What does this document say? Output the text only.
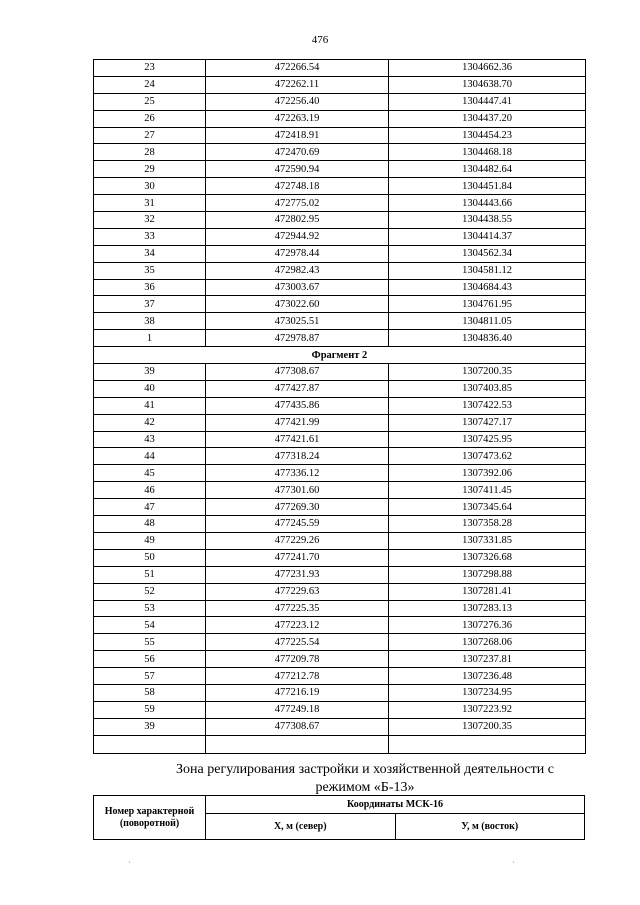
476
23	472266.54	1304662.36
24	472262.11	1304638.70
25	472256.40	1304447.41
26	472263.19	1304437.20
27	472418.91	1304454.23
28	472470.69	1304468.18
29	472590.94	1304482.64
30	472748.18	1304451.84
31	472775.02	1304443.66
32	472802.95	1304438.55
33	472944.92	1304414.37
34	472978.44	1304562.34
35	472982.43	1304581.12
36	473003.67	1304684.43
37	473022.60	1304761.95
38	473025.51	1304811.05
1	472978.87	1304836.40
Фрагмент 2		
39	477308.67	1307200.35
40	477427.87	1307403.85
41	477435.86	1307422.53
42	477421.99	1307427.17
43	477421.61	1307425.95
44	477318.24	1307473.62
45	477336.12	1307392.06
46	477301.60	1307411.45
47	477269.30	1307345.64
48	477245.59	1307358.28
49	477229.26	1307331.85
50	477241.70	1307326.68
51	477231.93	1307298.88
52	477229.63	1307281.41
53	477225.35	1307283.13
54	477223.12	1307276.36
55	477225.54	1307268.06
56	477209.78	1307237.81
57	477212.78	1307236.48
58	477216.19	1307234.95
59	477249.18	1307223.92
39	477308.67	1307200.35

Зона регулирования застройки и хозяйственной деятельности с режимом «Б-13»
Номер характерной (поворотной)	Координаты МСК-16	
	Х, м (север)	У, м (восток)
·	·
